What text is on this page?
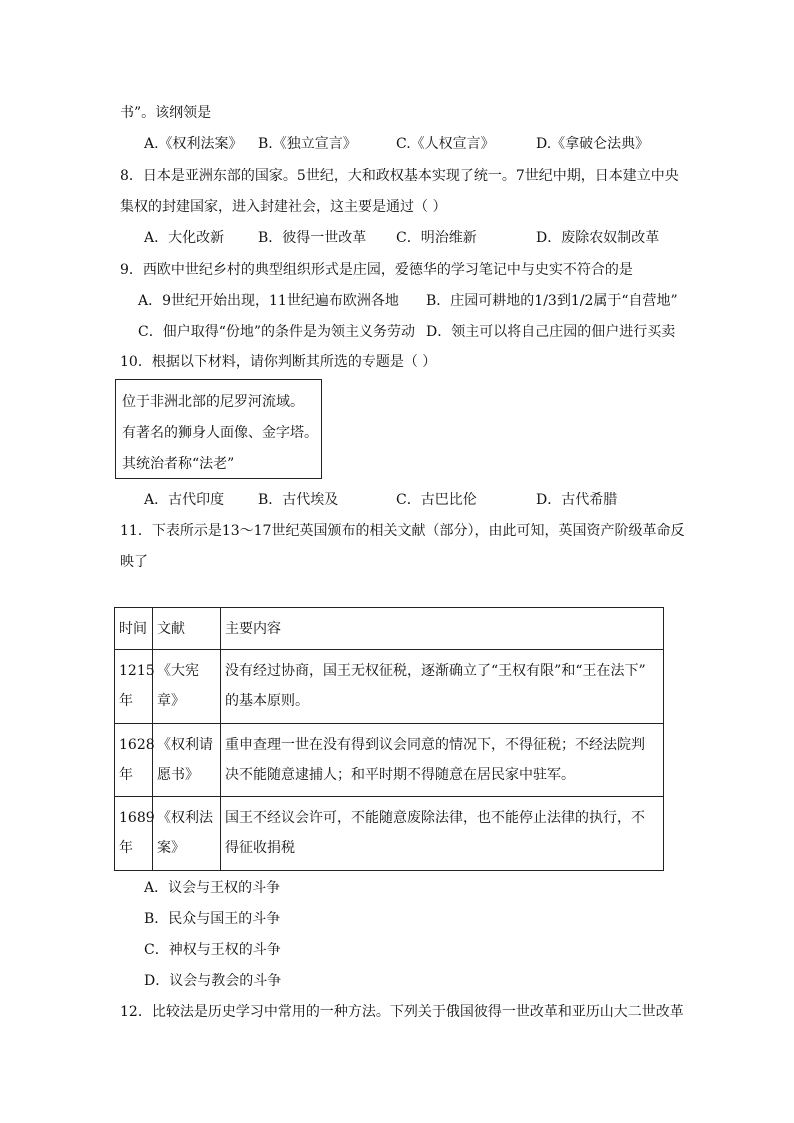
书”。该纲领是
A.《权利法案》 B.《独立宣言》	C.《人权宣言》	D.《拿破仑法典》
8．日本是亚洲东部的国家。5世纪，大和政权基本实现了统一。7世纪中期，日本建立中央
集权的封建国家，进入封建社会，这主要是通过（ ）
A．大化改新 B．彼得一世改革 C．明治维新	D．废除农奴制改革
9．西欧中世纪乡村的典型组织形式是庄园，爱德华的学习笔记中与史实不符合的是
A．9世纪开始出现，11世纪遍布欧洲各地 B．庄园可耕地的1/3到1/2属于“自营地”
C．佃户取得“份地”的条件是为领主义务劳动 D．领主可以将自己庄园的佃户进行买卖
10．根据以下材料，请你判断其所选的专题是（ ）
位于非洲北部的尼罗河流域。
有著名的狮身人面像、金字塔。
其统治者称“法老”
A．古代印度 B．古代埃及	C．古巴比伦	D．古代希腊
11．下表所示是13～17世纪英国颁布的相关文献（部分），由此可知，英国资产阶级革命反
映了
时间	文献	主要内容
1215
年	《大宪章》	没有经过协商，国王无权征税，逐渐确立了“王权有限”和“王在法下”
的基本原则。
1628
年	《权利请
愿书》	重申查理一世在没有得到议会同意的情况下，不得征税；不经法院判
决不能随意逮捕人；和平时期不得随意在居民家中驻军。
1689
年	《权利法
案》	国王不经议会许可，不能随意废除法律，也不能停止法律的执行，不
得征收捐税
A．议会与王权的斗争
B．民众与国王的斗争
C．神权与王权的斗争
D．议会与教会的斗争
12．比较法是历史学习中常用的一种方法。下列关于俄国彼得一世改革和亚历山大二世改革
